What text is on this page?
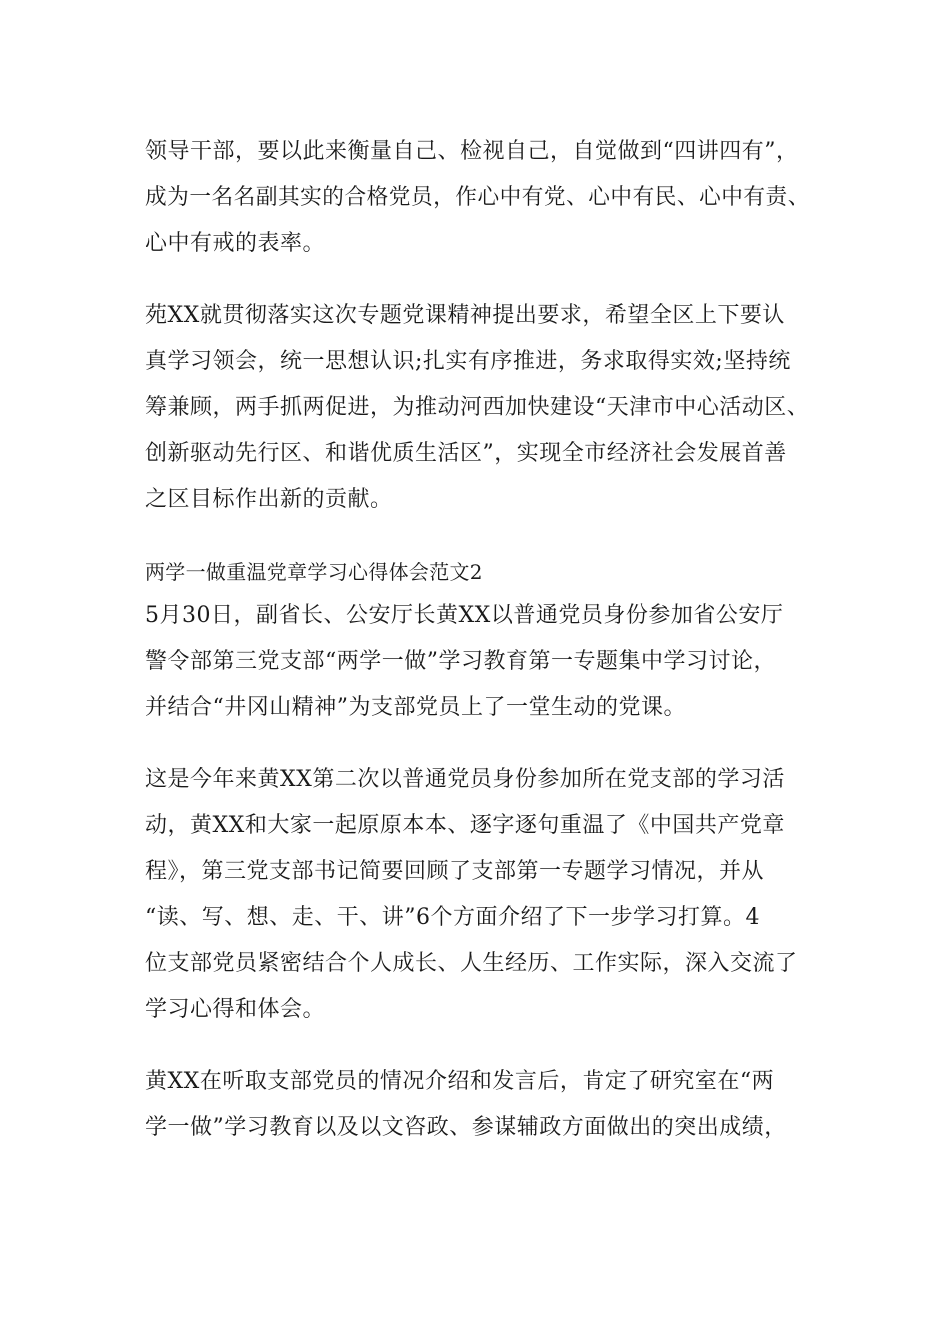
领导干部，要以此来衡量自己、检视自己，自觉做到“四讲四有”，
成为一名名副其实的合格党员，作心中有党、心中有民、心中有责、
心中有戒的表率。
苑XX就贯彻落实这次专题党课精神提出要求，希望全区上下要认
真学习领会，统一思想认识;扎实有序推进，务求取得实效;坚持统
筹兼顾，两手抓两促进，为推动河西加快建设“天津市中心活动区、
创新驱动先行区、和谐优质生活区”，实现全市经济社会发展首善
之区目标作出新的贡献。
两学一做重温党章学习心得体会范文2
5月30日，副省长、公安厅长黄XX以普通党员身份参加省公安厅
警令部第三党支部“两学一做”学习教育第一专题集中学习讨论，
并结合“井冈山精神”为支部党员上了一堂生动的党课。
这是今年来黄XX第二次以普通党员身份参加所在党支部的学习活
动，黄XX和大家一起原原本本、逐字逐句重温了《中国共产党章
程》，第三党支部书记简要回顾了支部第一专题学习情况，并从
“读、写、想、走、干、讲”6个方面介绍了下一步学习打算。4
位支部党员紧密结合个人成长、人生经历、工作实际，深入交流了
学习心得和体会。
黄XX在听取支部党员的情况介绍和发言后，肯定了研究室在“两
学一做”学习教育以及以文咨政、参谋辅政方面做出的突出成绩，
